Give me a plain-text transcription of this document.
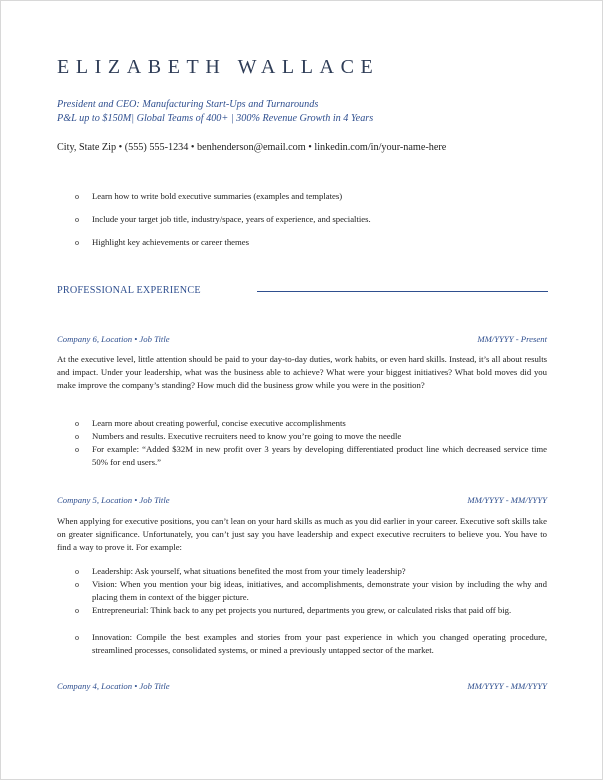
ELIZABETH WALLACE
President and CEO: Manufacturing Start-Ups and Turnarounds
P&L up to $150M| Global Teams of 400+ | 300% Revenue Growth in 4 Years
City, State Zip • (555) 555-1234 • benhenderson@email.com • linkedin.com/in/your-name-here
o	Learn how to write bold executive summaries (examples and templates)
o	Include your target job title, industry/space, years of experience, and specialties.
o	Highlight key achievements or career themes
PROFESSIONAL EXPERIENCE
Company 6, Location • Job Title	MM/YYYY - Present
At the executive level, little attention should be paid to your day-to-day duties, work habits, or even hard skills. Instead, it’s all about results and impact. Under your leadership, what was the business able to achieve? What were your biggest initiatives? What bold moves did you make improve the company’s standing? How much did the business grow while you were in the position?
o	Learn more about creating powerful, concise executive accomplishments
o	Numbers and results. Executive recruiters need to know you’re going to move the needle
o	For example: “Added $32M in new profit over 3 years by developing differentiated product line which decreased service time 50% for end users.”
Company 5, Location • Job Title	MM/YYYY - MM/YYYY
When applying for executive positions, you can’t lean on your hard skills as much as you did earlier in your career. Executive soft skills take on greater significance. Unfortunately, you can’t just say you have leadership and expect executive recruiters to believe you. You have to find a way to prove it. For example:
o	Leadership: Ask yourself, what situations benefited the most from your timely leadership?
o	Vision: When you mention your big ideas, initiatives, and accomplishments, demonstrate your vision by including the why and placing them in context of the bigger picture.
o	Entrepreneurial: Think back to any pet projects you nurtured, departments you grew, or calculated risks that paid off big.
o	Innovation: Compile the best examples and stories from your past experience in which you changed operating procedure, streamlined processes, consolidated systems, or mined a previously untapped sector of the market.
Company 4, Location • Job Title	MM/YYYY - MM/YYYY
